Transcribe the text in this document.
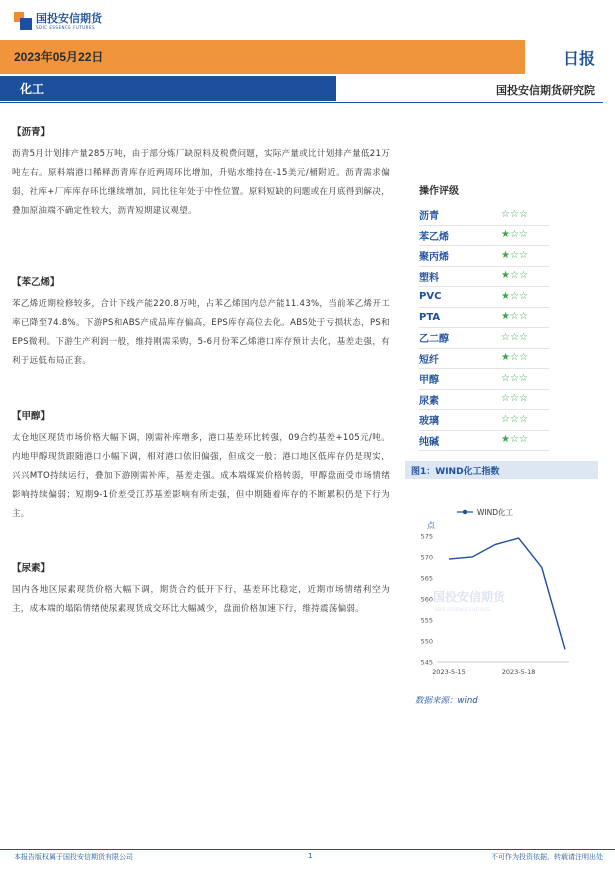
国投安信期货
SDIC ESSENCE FUTURES
2023年05月22日	日报
化工	国投安信期货研究院
【沥青】
沥青5月计划排产量285万吨，由于部分炼厂缺原料及税费问题，实际产量或比计划排产量低21万吨左右。原料端港口稀释沥青库存近两周环比增加，升贴水维持在-15美元/桶附近。沥青需求偏弱，社库+厂库库存环比继续增加，同比往年处于中性位置。原料短缺的问题或在月底得到解决，叠加原油端不确定性较大，沥青短期建议观望。
【苯乙烯】
苯乙烯近期检修较多，合计下线产能220.8万吨，占苯乙烯国内总产能11.43%，当前苯乙烯开工率已降至74.8%。下游PS和ABS产成品库存偏高，EPS库存高位去化。ABS处于亏损状态，PS和EPS微利。下游生产利润一般，维持刚需采购，5-6月份苯乙烯港口库存预计去化，基差走强，有利于远低布局正套。
【甲醇】
太仓地区现货市场价格大幅下调，刚需补库增多，港口基差环比转强，09合约基差+105元/吨。内地甲醇现货跟随港口小幅下调，相对港口依旧偏强，但成交一般；港口地区低库存仍是现实，兴兴MTO持续运行，叠加下游刚需补库，基差走强。成本端煤炭价格转弱，甲醇盘面受市场情绪影响持续偏弱；短期9-1价差受江苏基差影响有所走强，但中期随着库存的不断累积仍是下行为主。
【尿素】
国内各地区尿素现货价格大幅下调，期货合约低开下行，基差环比稳定，近期市场情绪利空为主，成本端的塌陷情绪使尿素现货成交环比大幅减少，盘面价格加速下行，维持震荡偏弱。
操作评级
沥青	☆ ☆ ☆
苯乙烯	★ ☆ ☆
聚丙烯	★ ☆ ☆
塑料	★ ☆ ☆
PVC	★ ☆ ☆
PTA	★ ☆ ☆
乙二醇	☆ ☆ ☆
短纤	★ ☆ ☆
甲醇	☆ ☆ ☆
尿素	☆ ☆ ☆
玻璃	☆ ☆ ☆
纯碱	★ ☆ ☆
图1：WIND化工指数
国投安信期货
SDIC ESSENCE FUTURES
点
WIND化工
545
550
555
560
565
570
575
2023-5-15	2023-5-18
数据来源：wind
本报告版权属于国投安信期货有限公司	1	不可作为投资依据，转载请注明出处
